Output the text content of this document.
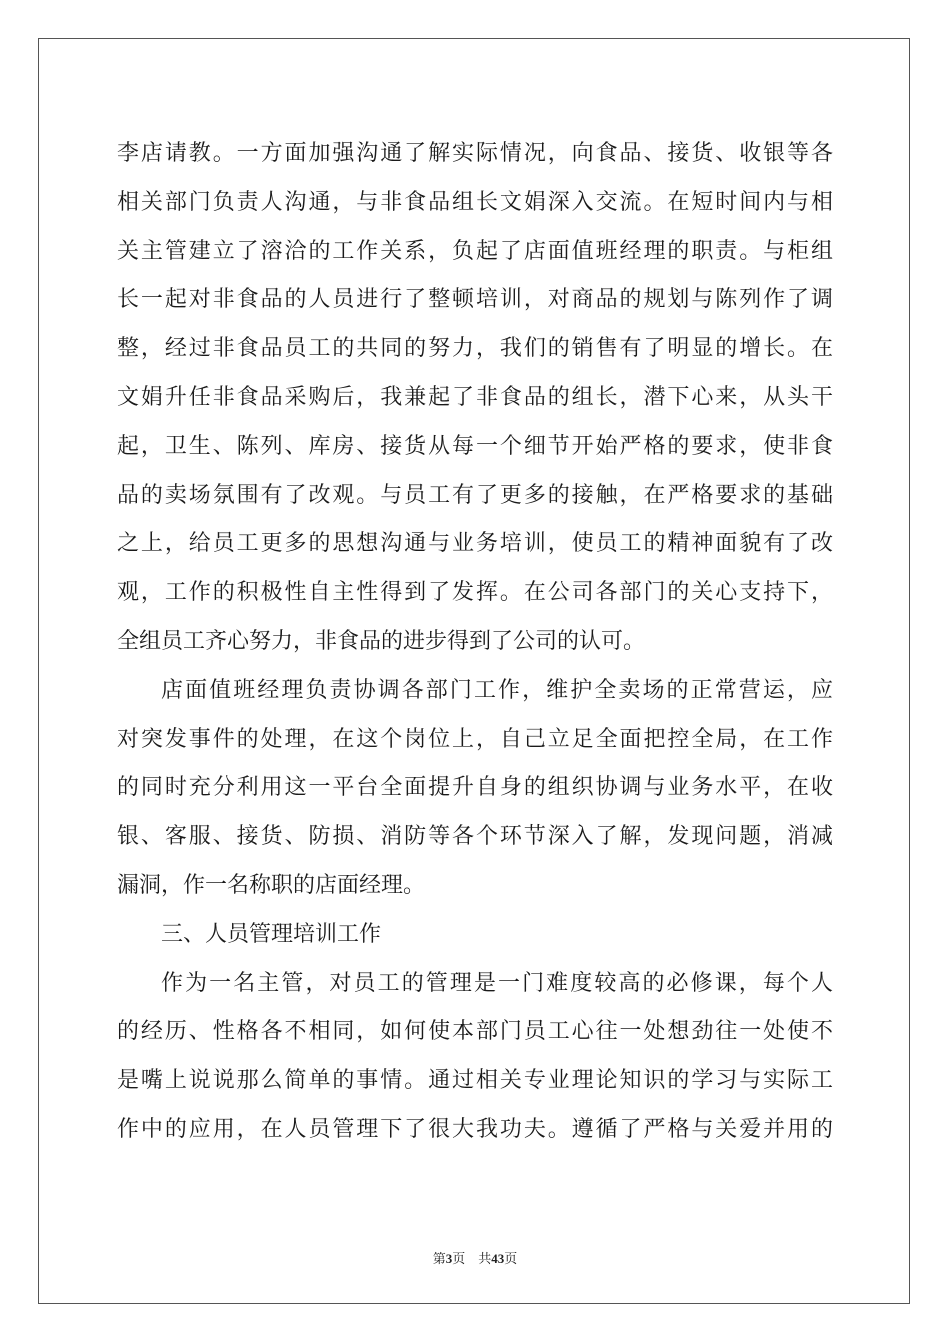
李店请教。一方面加强沟通了解实际情况，向食品、接货、收银等各
相关部门负责人沟通，与非食品组长文娟深入交流。在短时间内与相
关主管建立了溶洽的工作关系，负起了店面值班经理的职责。与柜组
长一起对非食品的人员进行了整顿培训，对商品的规划与陈列作了调
整，经过非食品员工的共同的努力，我们的销售有了明显的增长。在
文娟升任非食品采购后，我兼起了非食品的组长，潜下心来，从头干
起，卫生、陈列、库房、接货从每一个细节开始严格的要求，使非食
品的卖场氛围有了改观。与员工有了更多的接触，在严格要求的基础
之上，给员工更多的思想沟通与业务培训，使员工的精神面貌有了改
观，工作的积极性自主性得到了发挥。在公司各部门的关心支持下，
全组员工齐心努力，非食品的进步得到了公司的认可。
店面值班经理负责协调各部门工作，维护全卖场的正常营运，应
对突发事件的处理，在这个岗位上，自己立足全面把控全局，在工作
的同时充分利用这一平台全面提升自身的组织协调与业务水平，在收
银、客服、接货、防损、消防等各个环节深入了解，发现问题，消减
漏洞，作一名称职的店面经理。
三、人员管理培训工作
作为一名主管，对员工的管理是一门难度较高的必修课，每个人
的经历、性格各不相同，如何使本部门员工心往一处想劲往一处使不
是嘴上说说那么简单的事情。通过相关专业理论知识的学习与实际工
作中的应用，在人员管理下了很大我功夫。遵循了严格与关爱并用的
第3页　共43页
